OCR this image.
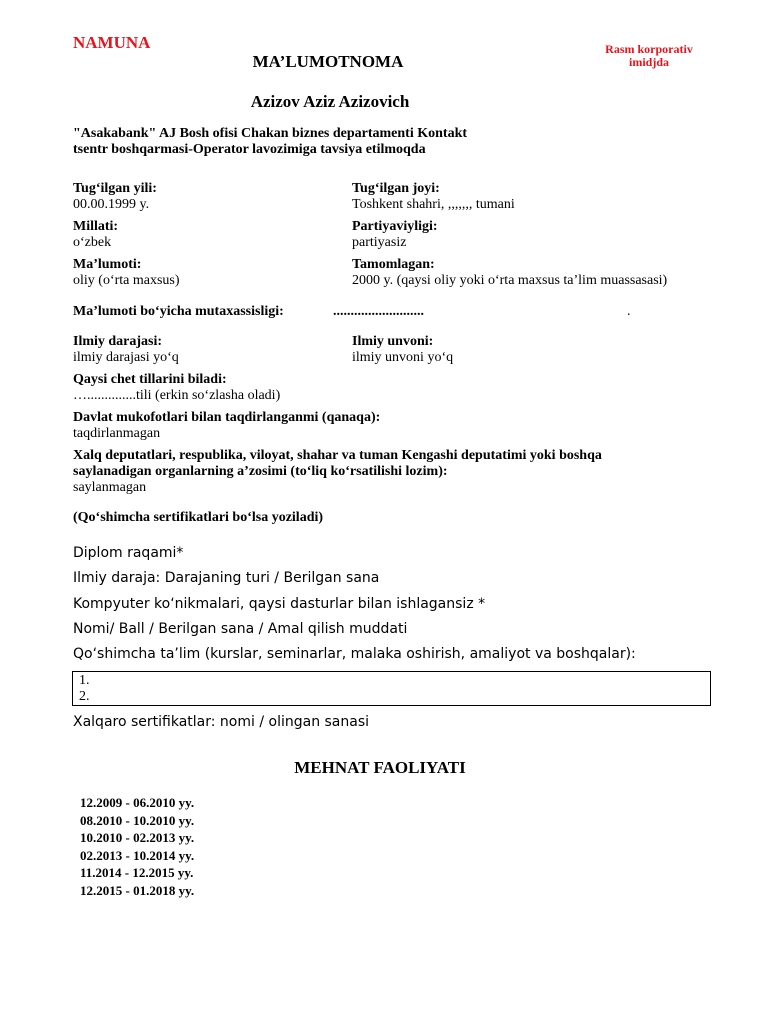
NAMUNA	Rasm korporativ
imidjda
MA’LUMOTNOMA
Azizov Aziz Azizovich
"Asakabank" AJ Bosh ofisi Chakan biznes departamenti Kontakt
tsentr boshqarmasi-Operator lavozimiga tavsiya etilmoqda
Tug‘ilgan yili:
00.00.1999 y.
Tug‘ilgan joyi:
Toshkent shahri, ,,,,,,, tumani
Millati:
o‘zbek
Partiyaviyligi:
partiyasiz
Ma’lumoti:
oliy (o‘rta maxsus)
Tamomlagan:
2000 y. (qaysi oliy yoki o‘rta maxsus ta’lim muassasasi)
Ma’lumoti bo‘yicha mutaxassisligi:	..........................	.
Ilmiy darajasi:
ilmiy darajasi yo‘q
Ilmiy unvoni:
ilmiy unvoni yo‘q
Qaysi chet tillarini biladi:
…..............tili (erkin so‘zlasha oladi)
Davlat mukofotlari bilan taqdirlanganmi (qanaqa):
taqdirlanmagan
Xalq deputatlari, respublika, viloyat, shahar va tuman Kengashi deputatimi yoki boshqa
saylanadigan organlarning a’zosimi (to‘liq ko‘rsatilishi lozim):
saylanmagan
(Qo‘shimcha sertifikatlari bo‘lsa yoziladi)
Diplom raqami*
Ilmiy daraja: Darajaning turi / Berilgan sana
Kompyuter ko‘nikmalari, qaysi dasturlar bilan ishlagansiz *
Nomi/ Ball / Berilgan sana / Amal qilish muddati
Qo‘shimcha ta’lim (kurslar, seminarlar, malaka oshirish, amaliyot va boshqalar):
1.
2.
Xalqaro sertifikatlar: nomi / olingan sanasi
MEHNAT FAOLIYATI
12.2009 - 06.2010 yy.
08.2010 - 10.2010 yy.
10.2010 - 02.2013 yy.
02.2013 - 10.2014 yy.
11.2014 - 12.2015 yy.
12.2015 - 01.2018 yy.
